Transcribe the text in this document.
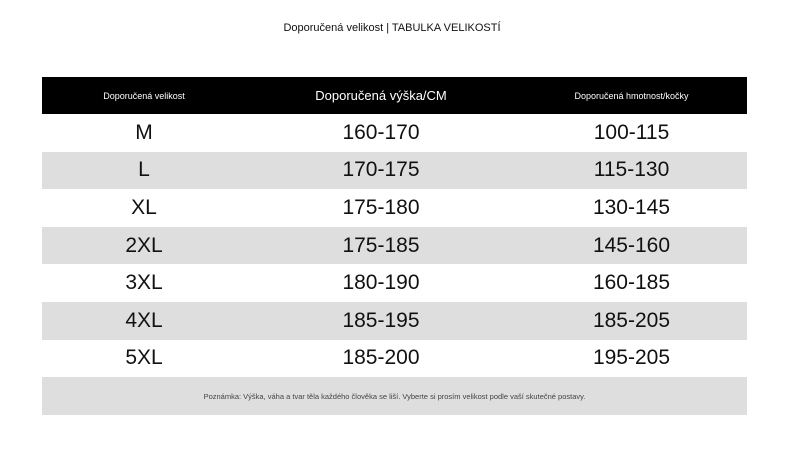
Doporučená velikost | TABULKA VELIKOSTÍ
Doporučená velikost	Doporučená výška/CM	Doporučená hmotnost/kočky
M	160-170	100-115
L	170-175	115-130
XL	175-180	130-145
2XL	175-185	145-160
3XL	180-190	160-185
4XL	185-195	185-205
5XL	185-200	195-205
Poznámka: Výška, váha a tvar těla každého člověka se liší. Vyberte si prosím velikost podle vaší skutečné postavy.		
